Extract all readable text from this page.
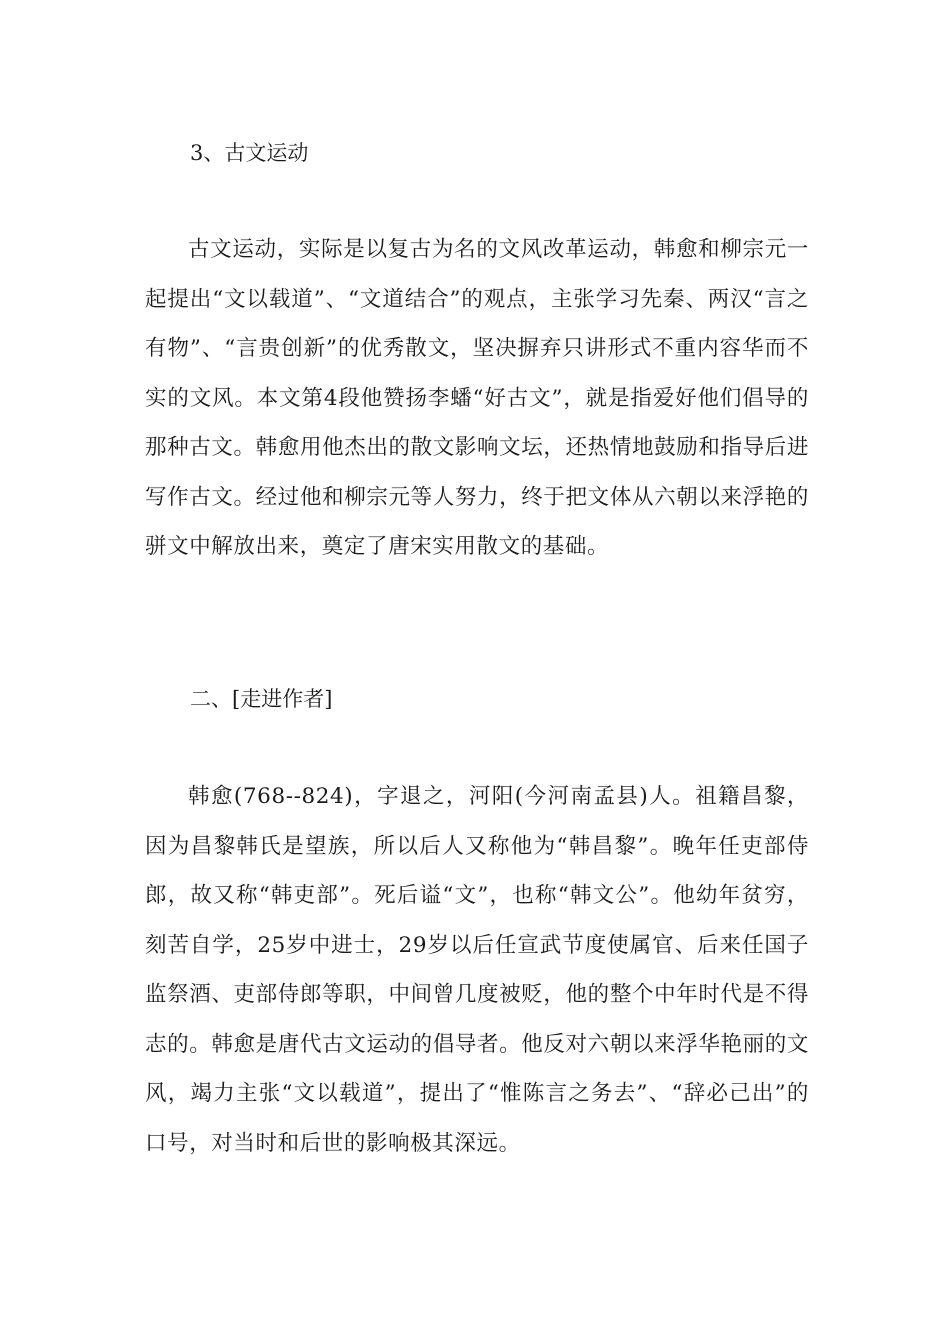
3、古文运动

古文运动，实际是以复古为名的文风改革运动，韩愈和柳宗元一起提出“文以载道”、“文道结合”的观点，主张学习先秦、两汉“言之有物”、“言贵创新”的优秀散文，坚决摒弃只讲形式不重内容华而不实的文风。本文第4段他赞扬李蟠“好古文”，就是指爱好他们倡导的那种古文。韩愈用他杰出的散文影响文坛，还热情地鼓励和指导后进写作古文。经过他和柳宗元等人努力，终于把文体从六朝以来浮艳的骈文中解放出来，奠定了唐宋实用散文的基础。

二、[走进作者]

韩愈(768--824)，字退之，河阳(今河南孟县)人。祖籍昌黎，因为昌黎韩氏是望族，所以后人又称他为“韩昌黎”。晚年任吏部侍郎，故又称“韩吏部”。死后谥“文”，也称“韩文公”。他幼年贫穷，刻苦自学，25岁中进士，29岁以后任宣武节度使属官、后来任国子监祭酒、吏部侍郎等职，中间曾几度被贬，他的整个中年时代是不得志的。韩愈是唐代古文运动的倡导者。他反对六朝以来浮华艳丽的文风，竭力主张“文以载道”，提出了“惟陈言之务去”、“辞必己出”的口号，对当时和后世的影响极其深远。
